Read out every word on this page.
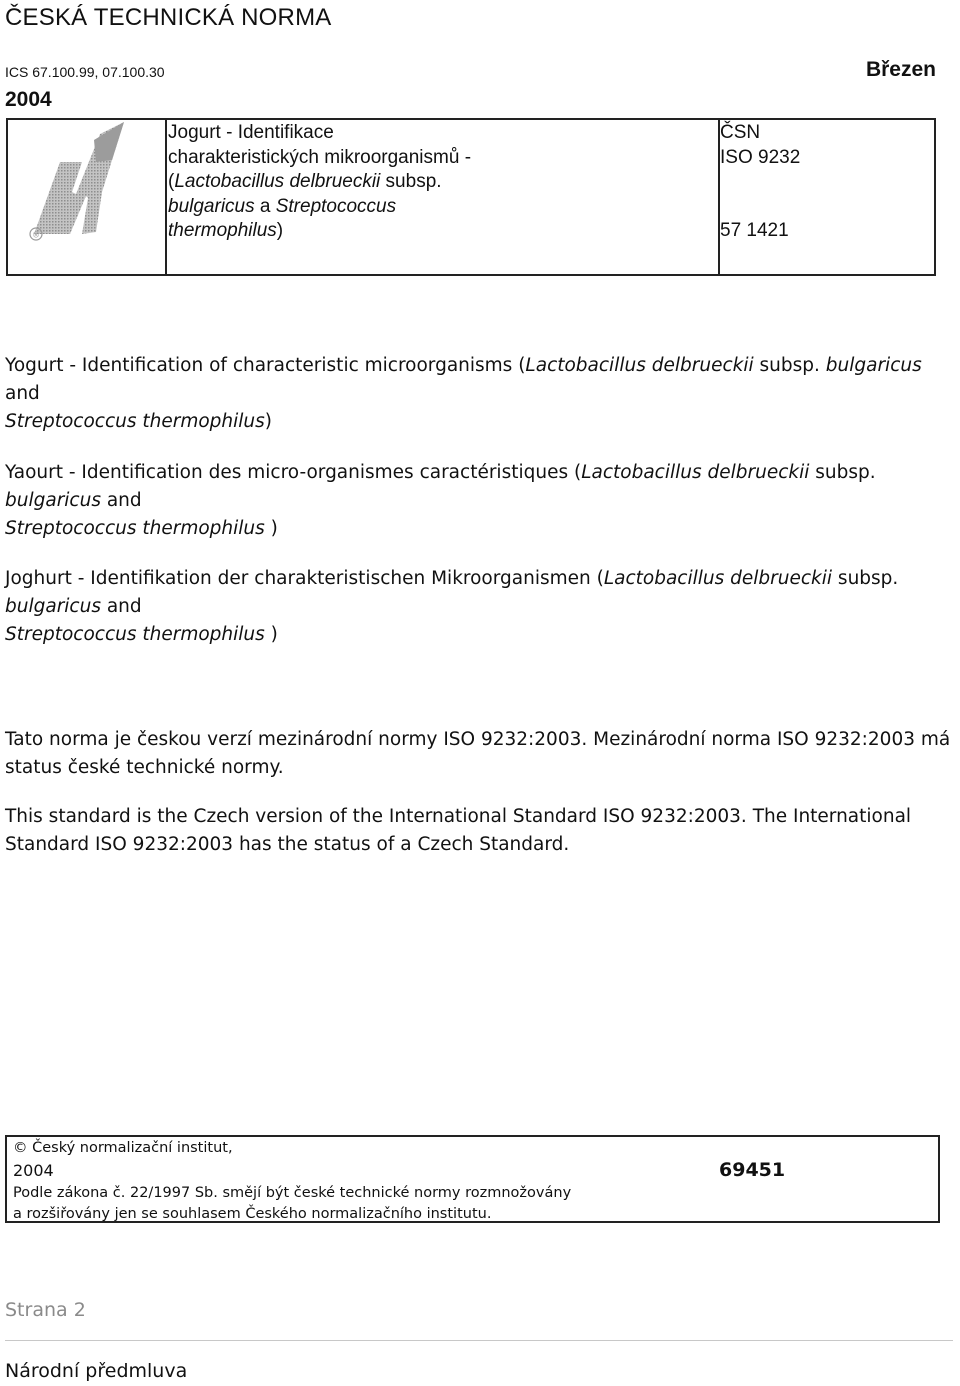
ČESKÁ TECHNICKÁ NORMA
ICS 67.100.99, 07.100.30	Březen
2004
®
Jogurt - Identifikace
charakteristických mikroorganismů -
(Lactobacillus delbrueckii subsp.
bulgaricus a Streptococcus
thermophilus)
ČSN
ISO 9232
57 1421
Yogurt - Identification of characteristic microorganisms (Lactobacillus delbrueckii subsp. bulgaricus
and
Streptococcus thermophilus)
Yaourt - Identification des micro-organismes caractéristiques (Lactobacillus delbrueckii subsp.
bulgaricus and
Streptococcus thermophilus )
Joghurt - Identifikation der charakteristischen Mikroorganismen (Lactobacillus delbrueckii subsp.
bulgaricus and
Streptococcus thermophilus )
Tato norma je českou verzí mezinárodní normy ISO 9232:2003. Mezinárodní norma ISO 9232:2003 má status české technické normy.
This standard is the Czech version of the International Standard ISO 9232:2003. The International Standard ISO 9232:2003 has the status of a Czech Standard.
© Český normalizační institut,
2004	69451
Podle zákona č. 22/1997 Sb. smějí být české technické normy rozmnožovány
a rozšiřovány jen se souhlasem Českého normalizačního institutu.
Strana 2
Národní předmluva
